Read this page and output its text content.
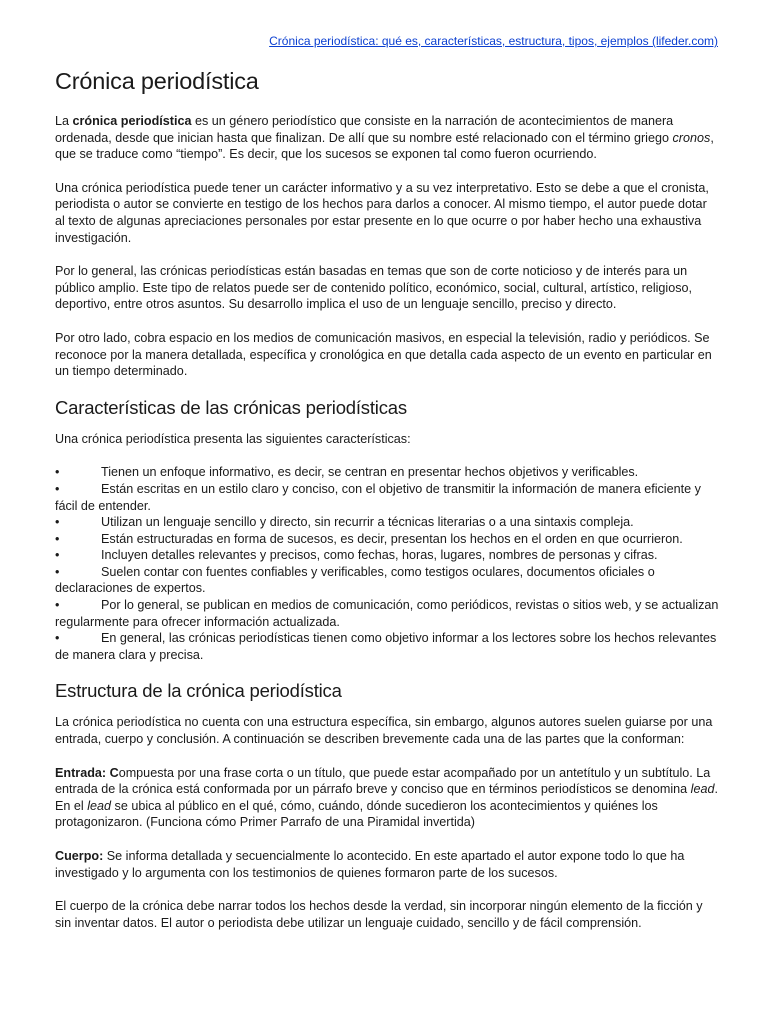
Crónica periodística: qué es, características, estructura, tipos, ejemplos (lifeder.com)
Crónica periodística

La crónica periodística es un género periodístico que consiste en la narración de acontecimientos de manera ordenada, desde que inician hasta que finalizan. De allí que su nombre esté relacionado con el término griego cronos, que se traduce como “tiempo”. Es decir, que los sucesos se exponen tal como fueron ocurriendo.

Una crónica periodística puede tener un carácter informativo y a su vez interpretativo. Esto se debe a que el cronista, periodista o autor se convierte en testigo de los hechos para darlos a conocer. Al mismo tiempo, el autor puede dotar al texto de algunas apreciaciones personales por estar presente en lo que ocurre o por haber hecho una exhaustiva investigación.

Por lo general, las crónicas periodísticas están basadas en temas que son de corte noticioso y de interés para un público amplio. Este tipo de relatos puede ser de contenido político, económico, social, cultural, artístico, religioso, deportivo, entre otros asuntos. Su desarrollo implica el uso de un lenguaje sencillo, preciso y directo.

Por otro lado, cobra espacio en los medios de comunicación masivos, en especial la televisión, radio y periódicos. Se reconoce por la manera detallada, específica y cronológica en que detalla cada aspecto de un evento en particular en un tiempo determinado.

Características de las crónicas periodísticas

Una crónica periodística presenta las siguientes características:

•	Tienen un enfoque informativo, es decir, se centran en presentar hechos objetivos y verificables.
•	Están escritas en un estilo claro y conciso, con el objetivo de transmitir la información de manera eficiente y fácil de entender.
•	Utilizan un lenguaje sencillo y directo, sin recurrir a técnicas literarias o a una sintaxis compleja.
•	Están estructuradas en forma de sucesos, es decir, presentan los hechos en el orden en que ocurrieron.
•	Incluyen detalles relevantes y precisos, como fechas, horas, lugares, nombres de personas y cifras.
•	Suelen contar con fuentes confiables y verificables, como testigos oculares, documentos oficiales o declaraciones de expertos.
•	Por lo general, se publican en medios de comunicación, como periódicos, revistas o sitios web, y se actualizan regularmente para ofrecer información actualizada.
•	En general, las crónicas periodísticas tienen como objetivo informar a los lectores sobre los hechos relevantes de manera clara y precisa.
Estructura de la crónica periodística

La crónica periodística no cuenta con una estructura específica, sin embargo, algunos autores suelen guiarse por una entrada, cuerpo y conclusión. A continuación se describen brevemente cada una de las partes que la conforman:

Entrada: Compuesta por una frase corta o un título, que puede estar acompañado por un antetítulo y un subtítulo. La entrada de la crónica está conformada por un párrafo breve y conciso que en términos periodísticos se denomina lead. En el lead se ubica al público en el qué, cómo, cuándo, dónde sucedieron los acontecimientos y quiénes los protagonizaron. (Funciona cómo Primer Parrafo de una Piramidal invertida)

Cuerpo: Se informa detallada y secuencialmente lo acontecido. En este apartado el autor expone todo lo que ha investigado y lo argumenta con los testimonios de quienes formaron parte de los sucesos.

El cuerpo de la crónica debe narrar todos los hechos desde la verdad, sin incorporar ningún elemento de la ficción y sin inventar datos. El autor o periodista debe utilizar un lenguaje cuidado, sencillo y de fácil comprensión.
